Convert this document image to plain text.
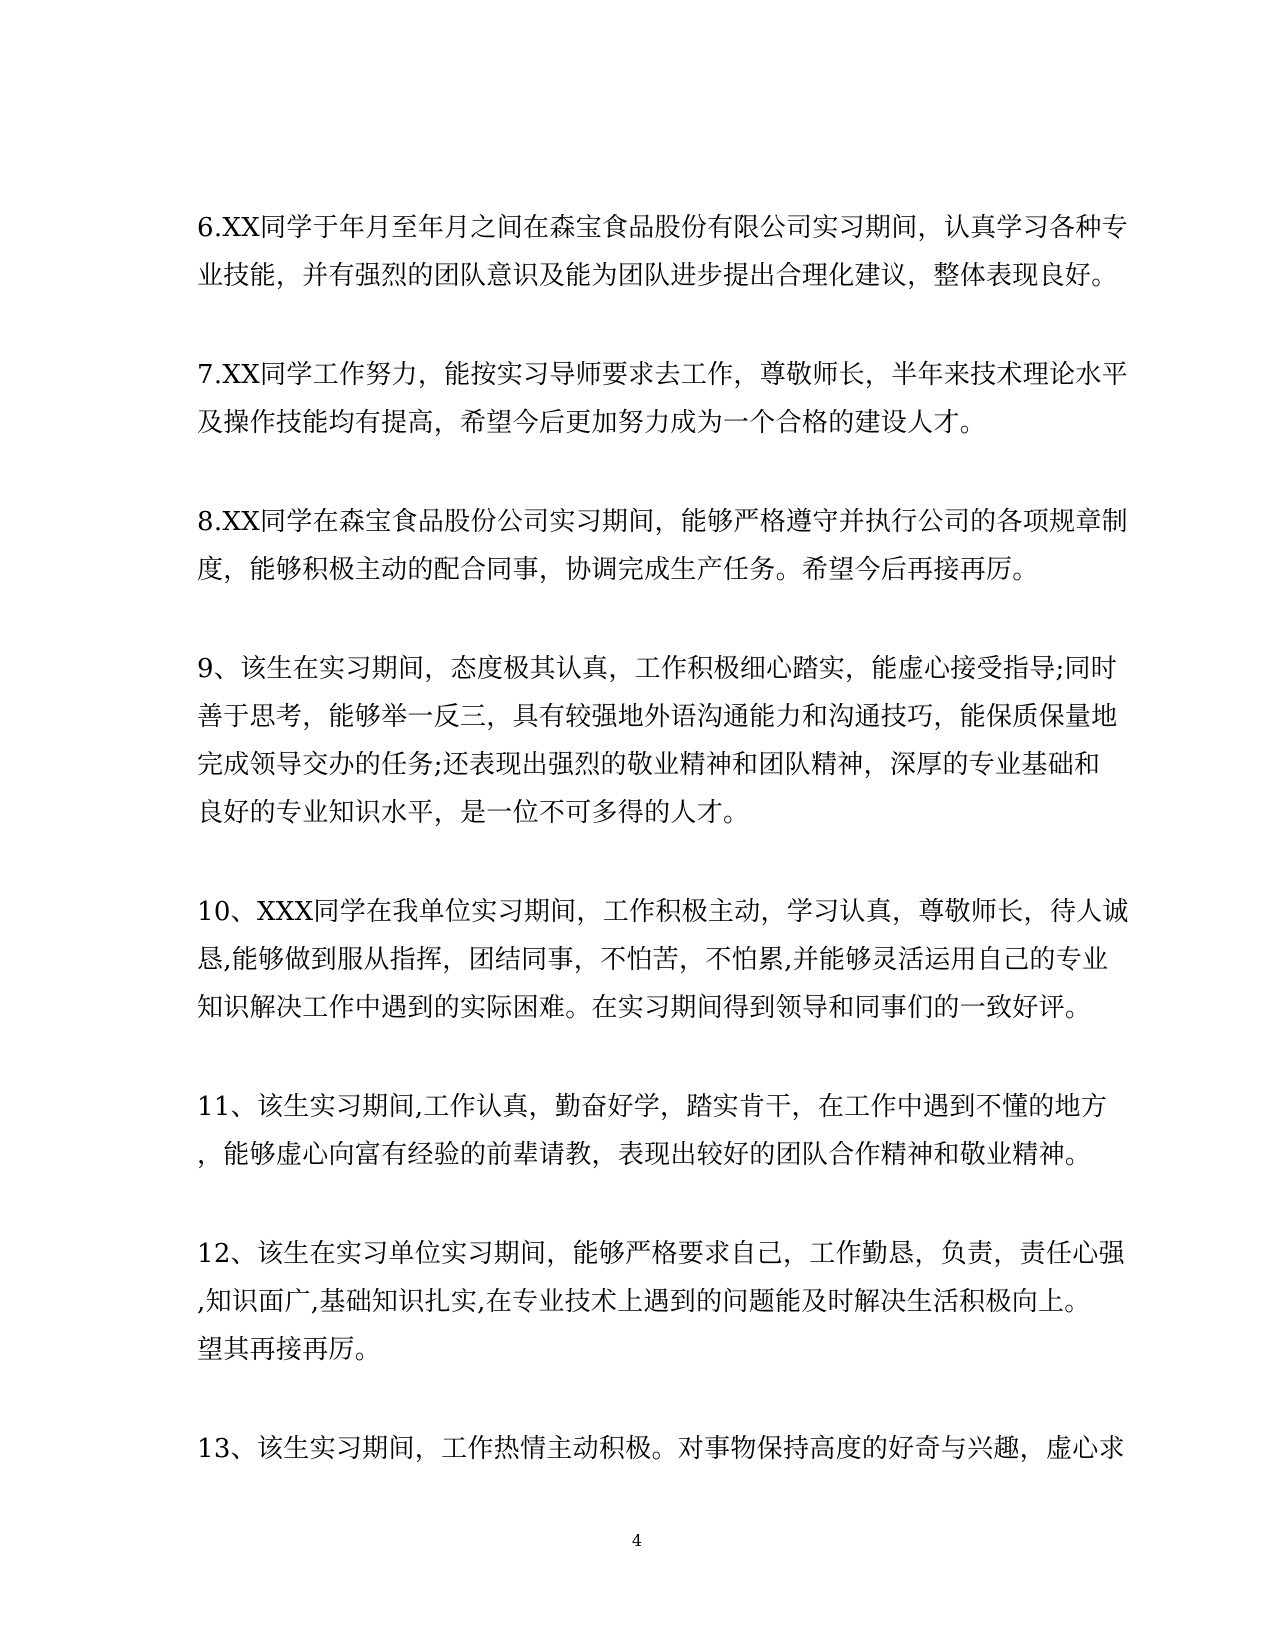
6.XX同学于年月至年月之间在森宝食品股份有限公司实习期间，认真学习各种专
业技能，并有强烈的团队意识及能为团队进步提出合理化建议，整体表现良好。

7.XX同学工作努力，能按实习导师要求去工作，尊敬师长，半年来技术理论水平
及操作技能均有提高，希望今后更加努力成为一个合格的建设人才。

8.XX同学在森宝食品股份公司实习期间，能够严格遵守并执行公司的各项规章制
度，能够积极主动的配合同事，协调完成生产任务。希望今后再接再厉。

9、该生在实习期间，态度极其认真，工作积极细心踏实，能虚心接受指导;同时
善于思考，能够举一反三，具有较强地外语沟通能力和沟通技巧，能保质保量地
完成领导交办的任务;还表现出强烈的敬业精神和团队精神，深厚的专业基础和
良好的专业知识水平，是一位不可多得的人才。

10、XXX同学在我单位实习期间，工作积极主动，学习认真，尊敬师长，待人诚
恳,能够做到服从指挥，团结同事，不怕苦，不怕累,并能够灵活运用自己的专业
知识解决工作中遇到的实际困难。在实习期间得到领导和同事们的一致好评。

11、该生实习期间,工作认真，勤奋好学，踏实肯干，在工作中遇到不懂的地方
，能够虚心向富有经验的前辈请教，表现出较好的团队合作精神和敬业精神。

12、该生在实习单位实习期间，能够严格要求自己，工作勤恳，负责，责任心强
,知识面广,基础知识扎实,在专业技术上遇到的问题能及时解决生活积极向上。
望其再接再厉。

13、该生实习期间，工作热情主动积极。对事物保持高度的好奇与兴趣，虚心求

4
